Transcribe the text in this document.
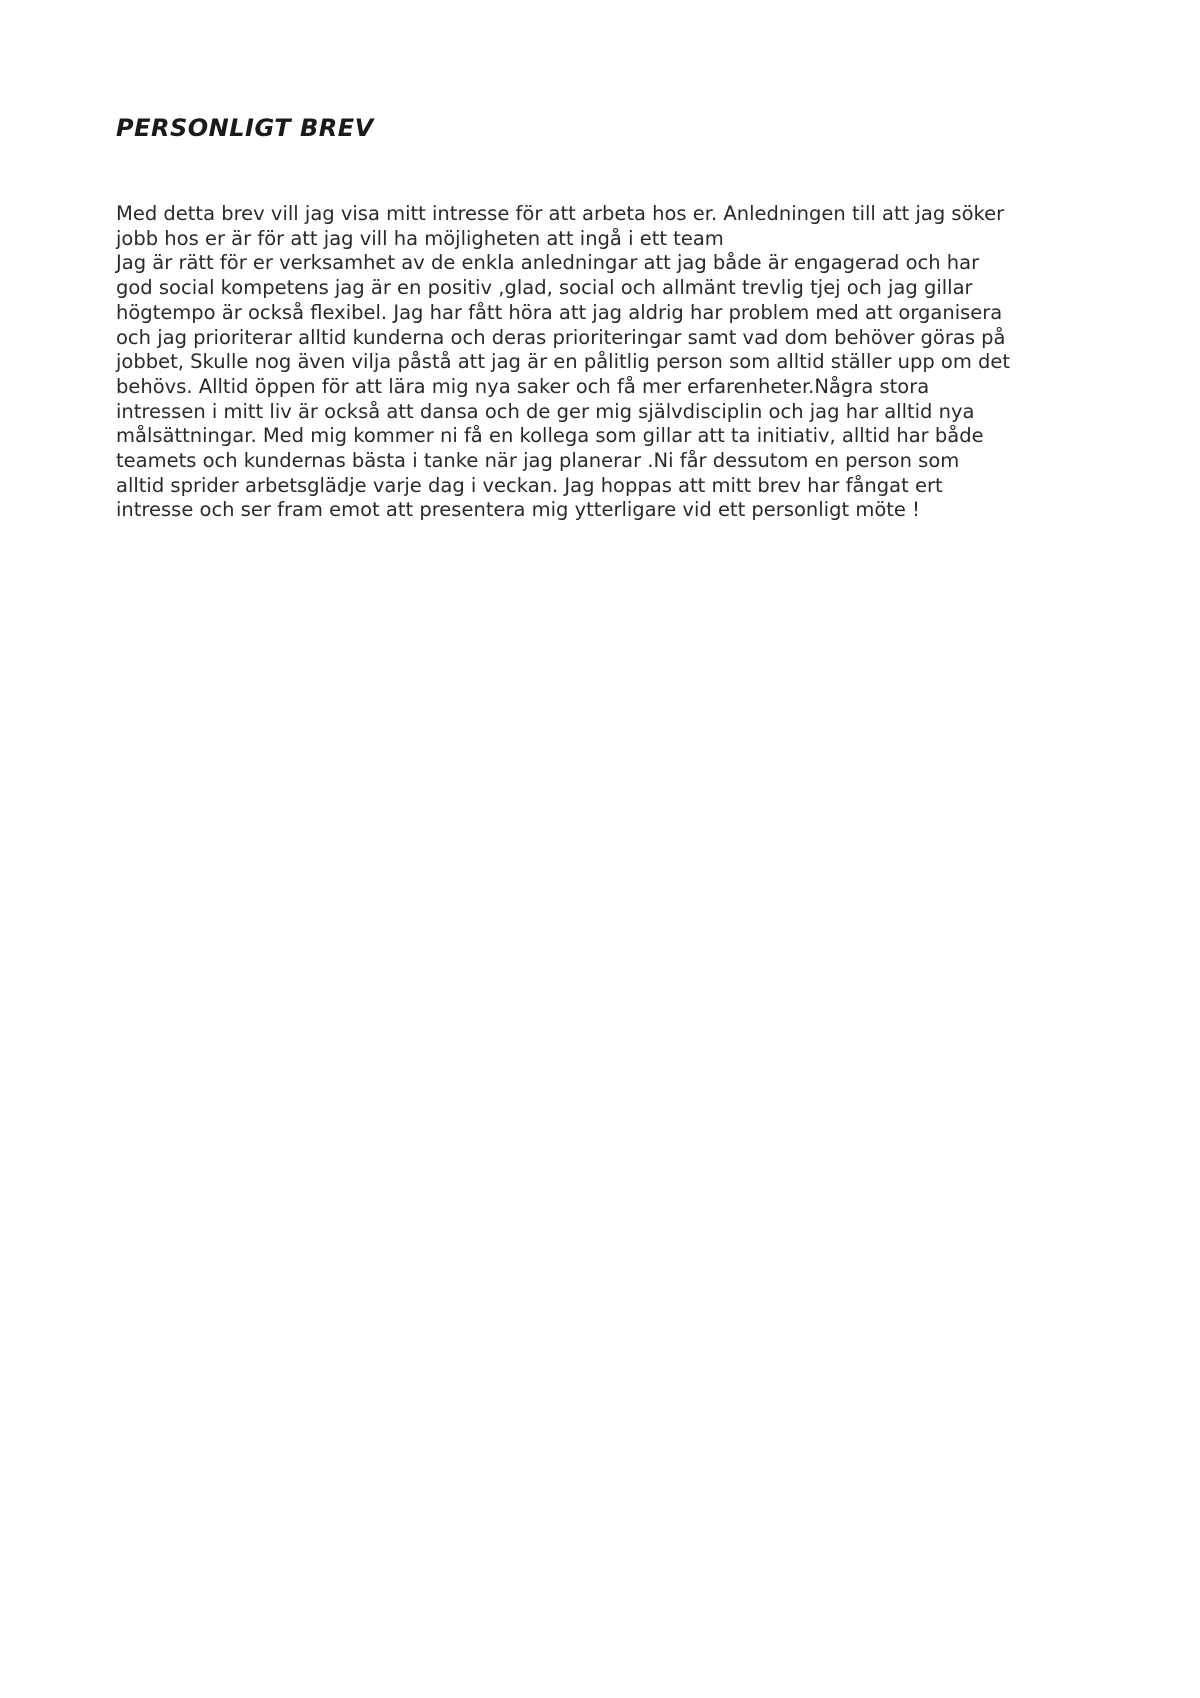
PERSONLIGT BREV
Med detta brev vill jag visa mitt intresse för att arbeta hos er. Anledningen till att jag söker
jobb hos er är för att jag vill ha möjligheten att ingå i ett team
Jag är rätt för er verksamhet av de enkla anledningar att jag både är engagerad och har
god social kompetens jag är en positiv ,glad, social och allmänt trevlig tjej och jag gillar
högtempo är också flexibel. Jag har fått höra att jag aldrig har problem med att organisera
och jag prioriterar alltid kunderna och deras prioriteringar samt vad dom behöver göras på
jobbet, Skulle nog även vilja påstå att jag är en pålitlig person som alltid ställer upp om det
behövs. Alltid öppen för att lära mig nya saker och få mer erfarenheter.Några stora
intressen i mitt liv är också att dansa och de ger mig självdisciplin och jag har alltid nya
målsättningar. Med mig kommer ni få en kollega som gillar att ta initiativ, alltid har både
teamets och kundernas bästa i tanke när jag planerar .Ni får dessutom en person som
alltid sprider arbetsglädje varje dag i veckan. Jag hoppas att mitt brev har fångat ert
intresse och ser fram emot att presentera mig ytterligare vid ett personligt möte !
